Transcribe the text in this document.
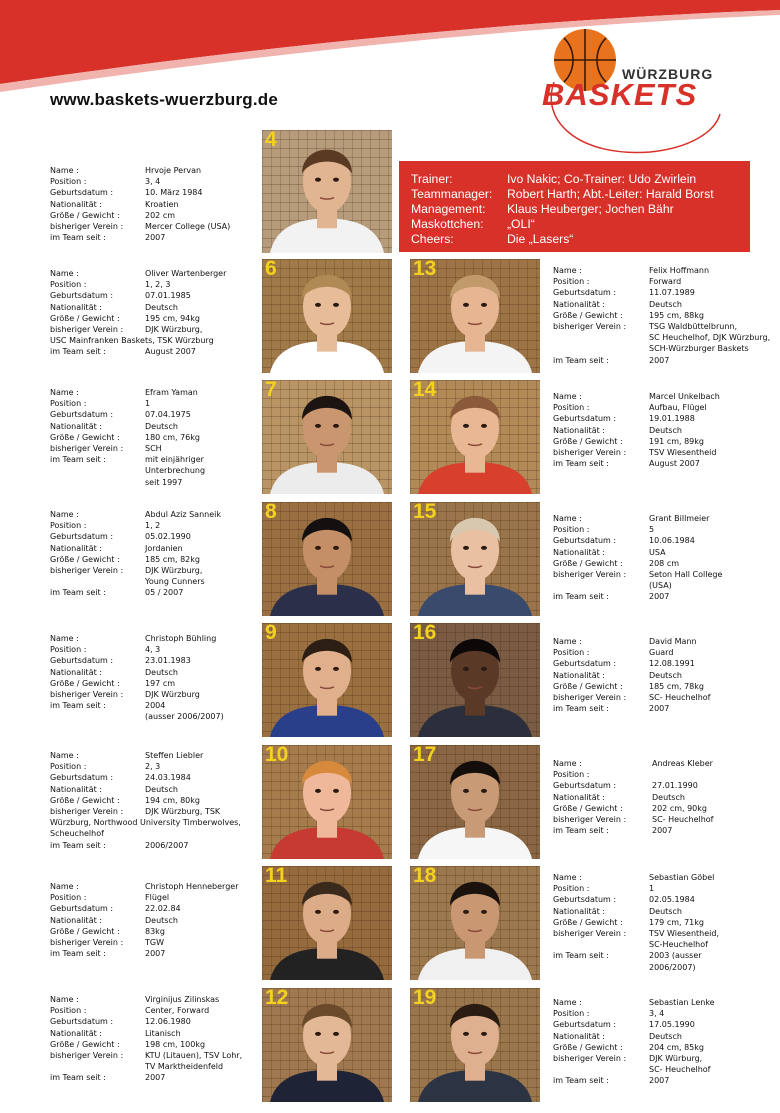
www.baskets-wuerzburg.de
WÜRZBURG
BASKETS
Trainer:	Ivo Nakic; Co-Trainer: Udo Zwirlein
Teammanager: Robert Harth; Abt.-Leiter: Harald Borst
Management: Klaus Heuberger; Jochen Bähr
Maskottchen: „OLI“
Cheers:	Die „Lasers“
4
Name :	Hrvoje Pervan
Position :	3, 4
Geburtsdatum :	10. März 1984
Nationalität :	Kroatien
Größe / Gewicht :	202 cm
bisheriger Verein :	Mercer College (USA)
im Team seit :	2007
6
Name :	Oliver Wartenberger
Position :	1, 2, 3
Geburtsdatum :	07.01.1985
Nationalität :	Deutsch
Größe / Gewicht :	195 cm, 94kg
bisheriger Verein :	DJK Würzburg,
USC Mainfranken Baskets, TSK Würzburg
im Team seit :	August 2007
7
Name :	Efram Yaman
Position :	1
Geburtsdatum :	07.04.1975
Nationalität :	Deutsch
Größe / Gewicht :	180 cm, 76kg
bisheriger Verein :	SCH
im Team seit :	mit einjähriger
Unterbrechung
seit 1997
8
Name :	Abdul Aziz Sanneik
Position :	1, 2
Geburtsdatum :	05.02.1990
Nationalität :	Jordanien
Größe / Gewicht :	185 cm, 82kg
bisheriger Verein :	DJK Würzburg,
Young Cunners
im Team seit :	05 / 2007
9
Name :	Christoph Bühling
Position :	4, 3
Geburtsdatum :	23.01.1983
Nationalität :	Deutsch
Größe / Gewicht :	197 cm
bisheriger Verein :	DJK Würzburg
im Team seit :	2004
(ausser 2006/2007)
10
Name :	Steffen Liebler
Position :	2, 3
Geburtsdatum :	24.03.1984
Nationalität :	Deutsch
Größe / Gewicht :	194 cm, 80kg
bisheriger Verein :	DJK Würzburg, TSK
Würzburg, Northwood University Timberwolves,
Scheuchelhof
im Team seit :	2006/2007
11
Name :	Christoph Henneberger
Position :	Flügel
Geburtsdatum :	22.02.84
Nationalität :	Deutsch
Größe / Gewicht :	83kg
bisheriger Verein :	TGW
im Team seit :	2007
12
Name :	Virginijus Zilinskas
Position :	Center, Forward
Geburtsdatum :	12.06.1980
Nationalität :	Litanisch
Größe / Gewicht :	198 cm, 100kg
bisheriger Verein :	KTU (Litauen), TSV Lohr,
TV Marktheidenfeld
im Team seit :	2007
13	Name :	Felix Hoffmann
Position :	Forward
Geburtsdatum :	11.07.1989
Nationalität :	Deutsch
Größe / Gewicht :	195 cm, 88kg
bisheriger Verein :	TSG Waldbüttelbrunn,
SC Heuchelhof, DJK Würzburg,
SCH-Würzburger Baskets
im Team seit :	2007
14	Name :	Marcel Unkelbach
Position :	Aufbau, Flügel
Geburtsdatum :	19.01.1988
Nationalität :	Deutsch
Größe / Gewicht :	191 cm, 89kg
bisheriger Verein :	TSV Wiesentheid
im Team seit :	August 2007
15	Name :	Grant Billmeier
Position :	5
Geburtsdatum :	10.06.1984
Nationalität :	USA
Größe / Gewicht :	208 cm
bisheriger Verein :	Seton Hall College
(USA)
im Team seit :	2007
16	Name :	David Mann
Position :	Guard
Geburtsdatum :	12.08.1991
Nationalität :	Deutsch
Größe / Gewicht :	185 cm, 78kg
bisheriger Verein :	SC- Heuchelhof
im Team seit :	2007
17	Name :	Andreas Kleber
Position :
Geburtsdatum :	27.01.1990
Nationalität :	Deutsch
Größe / Gewicht :	202 cm, 90kg
bisheriger Verein :	SC- Heuchelhof
im Team seit :	2007
18	Name :	Sebastian Göbel
Position :	1
Geburtsdatum :	02.05.1984
Nationalität :	Deutsch
Größe / Gewicht :	179 cm, 71kg
bisheriger Verein :	TSV Wiesentheid,
SC-Heuchelhof
im Team seit :	2003 (ausser
2006/2007)
19	Name :	Sebastian Lenke
Position :	3, 4
Geburtsdatum :	17.05.1990
Nationalität :	Deutsch
Größe / Gewicht :	204 cm, 85kg
bisheriger Verein :	DJK Würburg,
SC- Heuchelhof
im Team seit :	2007
